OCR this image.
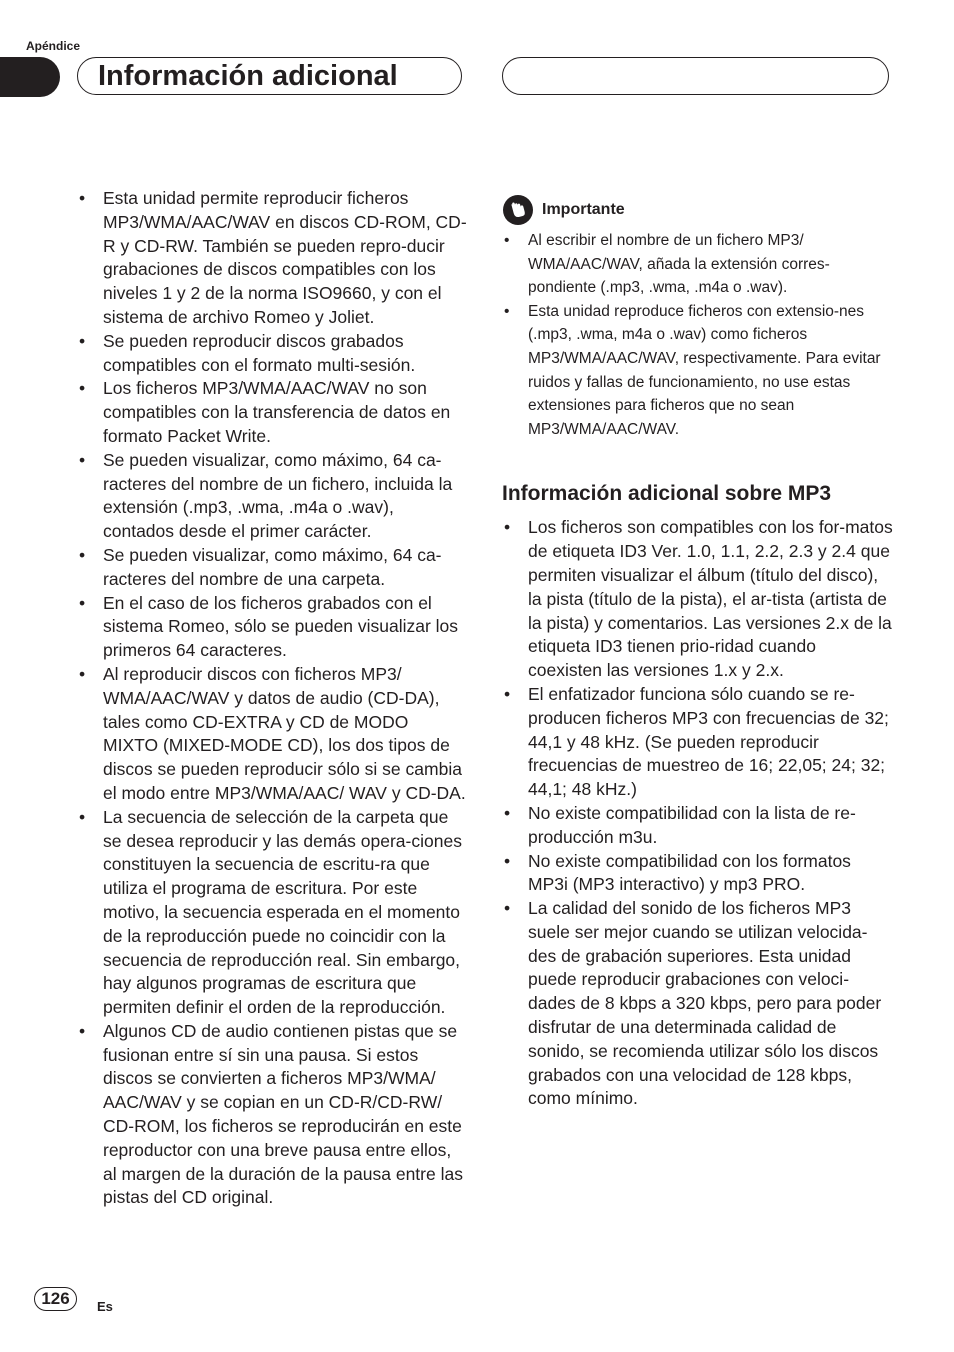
Apéndice
Información adicional
• Esta unidad permite reproducir ficheros MP3/WMA/AAC/WAV en discos CD-ROM, CD-R y CD-RW. También se pueden repro-ducir grabaciones de discos compatibles con los niveles 1 y 2 de la norma ISO9660, y con el sistema de archivo Romeo y Joliet.
• Se pueden reproducir discos grabados compatibles con el formato multi-sesión.
• Los ficheros MP3/WMA/AAC/WAV no son compatibles con la transferencia de datos en formato Packet Write.
• Se pueden visualizar, como máximo, 64 ca-racteres del nombre de un fichero, incluida la extensión (.mp3, .wma, .m4a o .wav), contados desde el primer carácter.
• Se pueden visualizar, como máximo, 64 ca-racteres del nombre de una carpeta.
• En el caso de los ficheros grabados con el sistema Romeo, sólo se pueden visualizar los primeros 64 caracteres.
• Al reproducir discos con ficheros MP3/ WMA/AAC/WAV y datos de audio (CD-DA), tales como CD-EXTRA y CD de MODO MIXTO (MIXED-MODE CD), los dos tipos de discos se pueden reproducir sólo si se cambia el modo entre MP3/WMA/AAC/ WAV y CD-DA.
• La secuencia de selección de la carpeta que se desea reproducir y las demás opera-ciones constituyen la secuencia de escritu-ra que utiliza el programa de escritura. Por este motivo, la secuencia esperada en el momento de la reproducción puede no coincidir con la secuencia de reproducción real. Sin embargo, hay algunos programas de escritura que permiten definir el orden de la reproducción.
• Algunos CD de audio contienen pistas que se fusionan entre sí sin una pausa. Si estos discos se convierten a ficheros MP3/WMA/ AAC/WAV y se copian en un CD-R/CD-RW/ CD-ROM, los ficheros se reproducirán en este reproductor con una breve pausa entre ellos, al margen de la duración de la pausa entre las pistas del CD original.
Importante
• Al escribir el nombre de un fichero MP3/ WMA/AAC/WAV, añada la extensión corres-pondiente (.mp3, .wma, .m4a o .wav).
• Esta unidad reproduce ficheros con extensio-nes (.mp3, .wma, m4a o .wav) como ficheros MP3/WMA/AAC/WAV, respectivamente. Para evitar ruidos y fallas de funcionamiento, no use estas extensiones para ficheros que no sean MP3/WMA/AAC/WAV.
Información adicional sobre MP3
• Los ficheros son compatibles con los for-matos de etiqueta ID3 Ver. 1.0, 1.1, 2.2, 2.3 y 2.4 que permiten visualizar el álbum (título del disco), la pista (título de la pista), el ar-tista (artista de la pista) y comentarios. Las versiones 2.x de la etiqueta ID3 tienen prio-ridad cuando coexisten las versiones 1.x y 2.x.
• El enfatizador funciona sólo cuando se re-producen ficheros MP3 con frecuencias de 32; 44,1 y 48 kHz. (Se pueden reproducir frecuencias de muestreo de 16; 22,05; 24; 32; 44,1; 48 kHz.)
• No existe compatibilidad con la lista de re-producción m3u.
• No existe compatibilidad con los formatos MP3i (MP3 interactivo) y mp3 PRO.
• La calidad del sonido de los ficheros MP3 suele ser mejor cuando se utilizan velocida-des de grabación superiores. Esta unidad puede reproducir grabaciones con veloci-dades de 8 kbps a 320 kbps, pero para poder disfrutar de una determinada calidad de sonido, se recomienda utilizar sólo los discos grabados con una velocidad de 128 kbps, como mínimo.
126	Es
